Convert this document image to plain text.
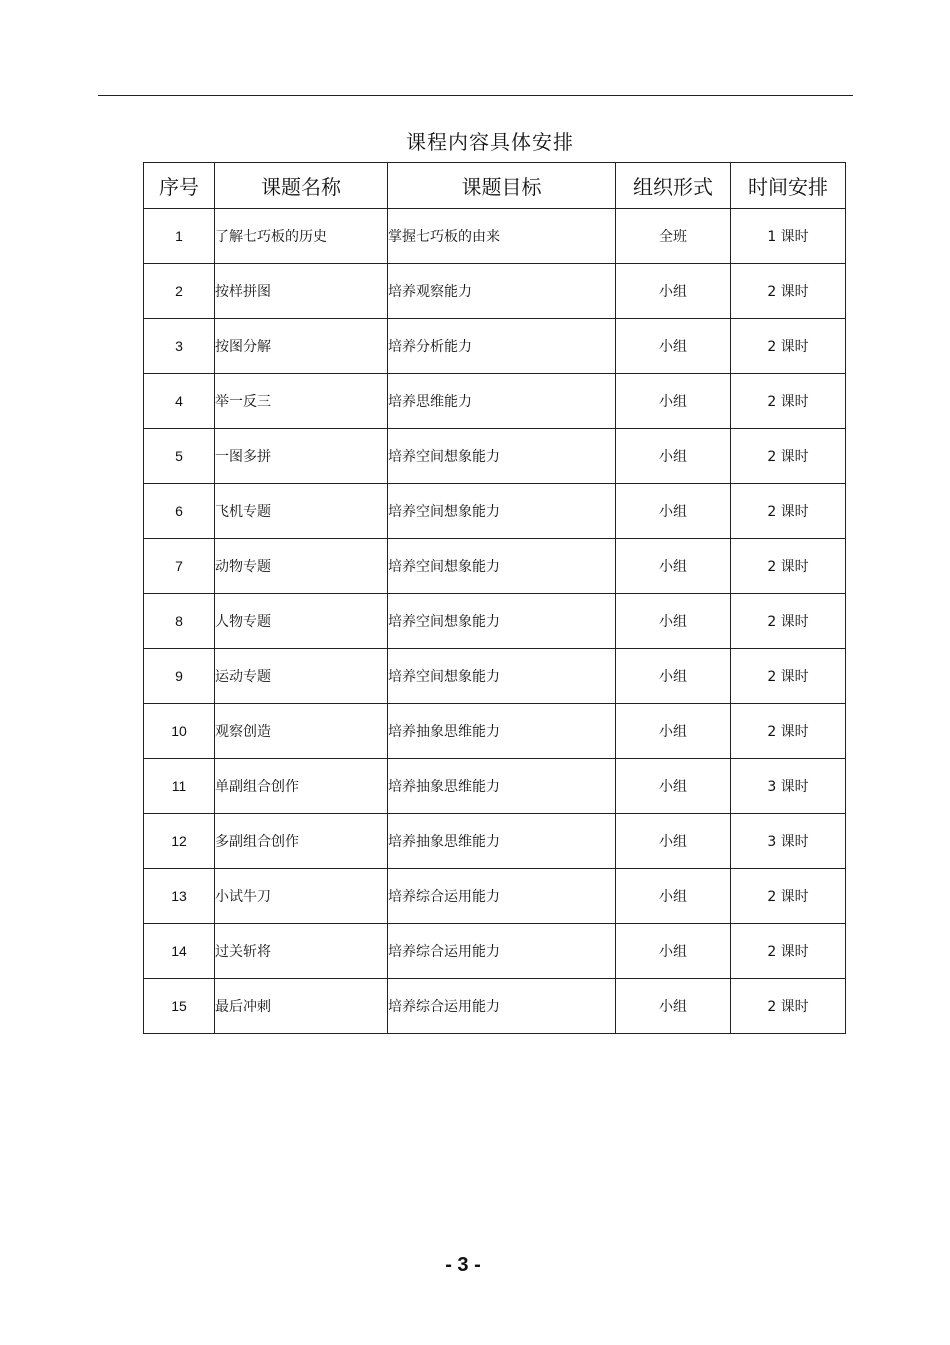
课程内容具体安排
序号	课题名称	课题目标	组织形式	时间安排
1	了解七巧板的历史	掌握七巧板的由来	全班	1 课时
2	按样拼图	培养观察能力	小组	2 课时
3	按图分解	培养分析能力	小组	2 课时
4	举一反三	培养思维能力	小组	2 课时
5	一图多拼	培养空间想象能力	小组	2 课时
6	飞机专题	培养空间想象能力	小组	2 课时
7	动物专题	培养空间想象能力	小组	2 课时
8	人物专题	培养空间想象能力	小组	2 课时
9	运动专题	培养空间想象能力	小组	2 课时
10	观察创造	培养抽象思维能力	小组	2 课时
11	单副组合创作	培养抽象思维能力	小组	3 课时
12	多副组合创作	培养抽象思维能力	小组	3 课时
13	小试牛刀	培养综合运用能力	小组	2 课时
14	过关斩将	培养综合运用能力	小组	2 课时
15	最后冲刺	培养综合运用能力	小组	2 课时
- 3 -
